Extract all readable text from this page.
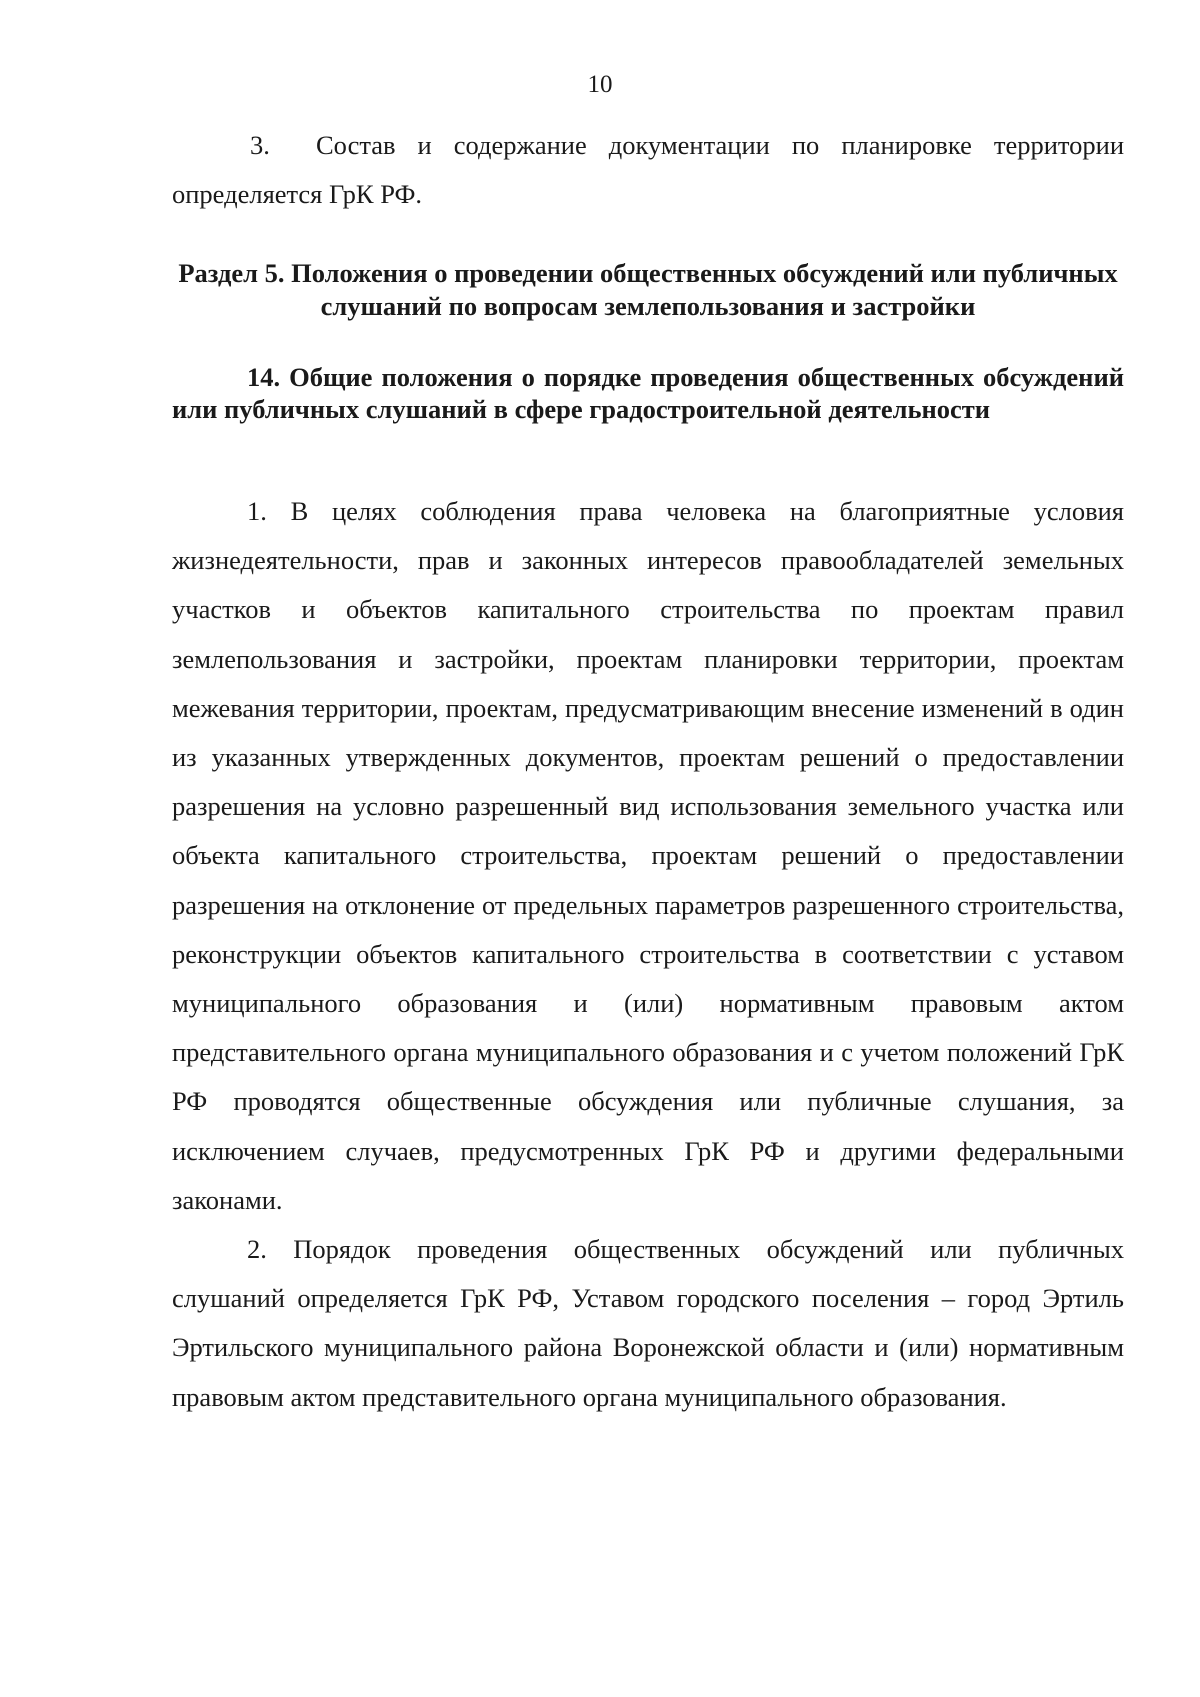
10
3. Состав и содержание документации по планировке территории определяется ГрК РФ.
Раздел 5. Положения о проведении общественных обсуждений или публичных слушаний по вопросам землепользования и застройки
14. Общие положения о порядке проведения общественных обсуждений или публичных слушаний в сфере градостроительной деятельности
1. В целях соблюдения права человека на благоприятные условия жизнедеятельности, прав и законных интересов правообладателей земельных участков и объектов капитального строительства по проектам правил землепользования и застройки, проектам планировки территории, проектам межевания территории, проектам, предусматривающим внесение изменений в один из указанных утвержденных документов, проектам решений о предоставлении разрешения на условно разрешенный вид использования земельного участка или объекта капитального строительства, проектам решений о предоставлении разрешения на отклонение от предельных параметров разрешенного строительства, реконструкции объектов капитального строительства в соответствии с уставом муниципального образования и (или) нормативным правовым актом представительного органа муниципального образования и с учетом положений ГрК РФ проводятся общественные обсуждения или публичные слушания, за исключением случаев, предусмотренных ГрК РФ и другими федеральными законами.
2. Порядок проведения общественных обсуждений или публичных слушаний определяется ГрК РФ, Уставом городского поселения – город Эртиль Эртильского муниципального района Воронежской области и (или) нормативным правовым актом представительного органа муниципального образования.
